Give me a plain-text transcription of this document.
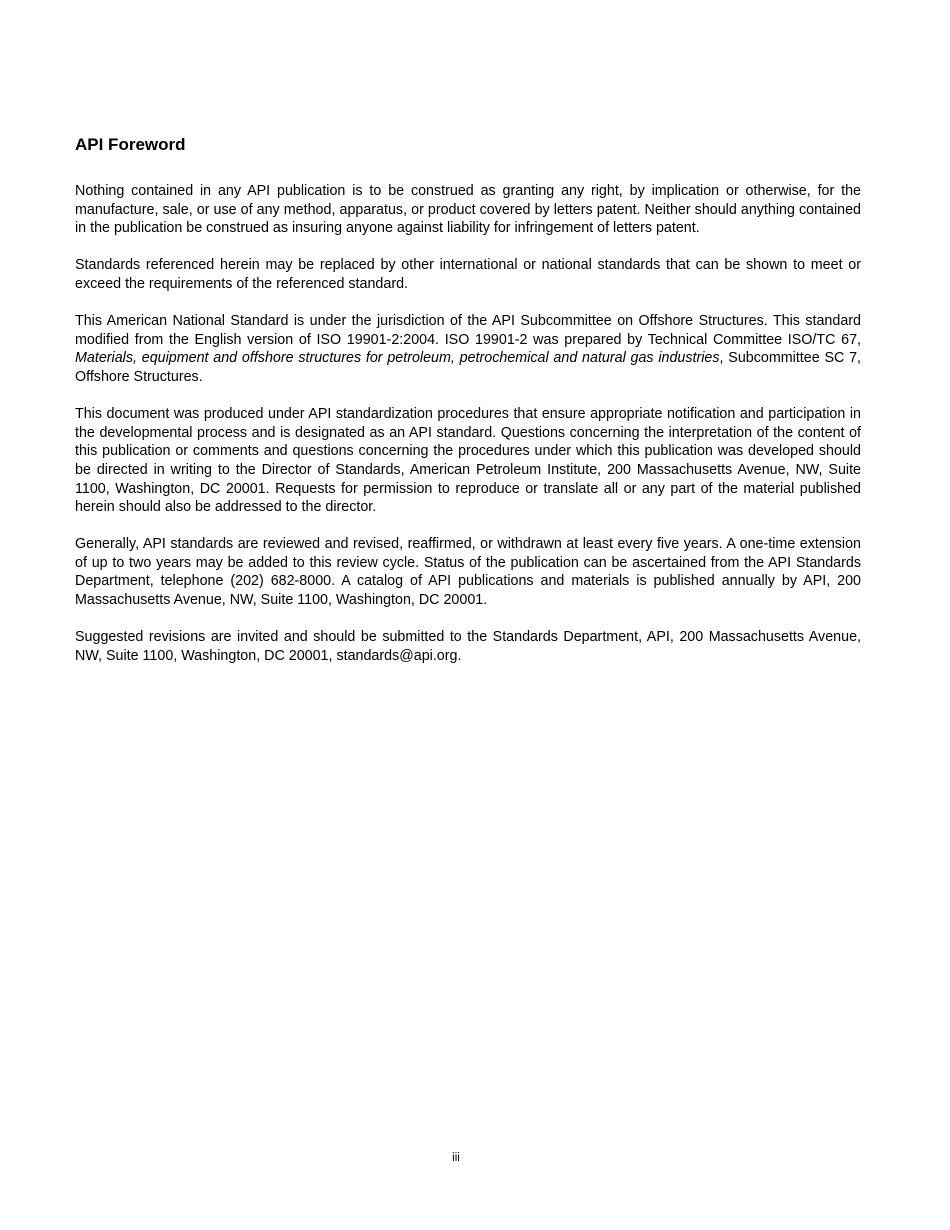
API Foreword

Nothing contained in any API publication is to be construed as granting any right, by implication or otherwise, for the manufacture, sale, or use of any method, apparatus, or product covered by letters patent. Neither should anything contained in the publication be construed as insuring anyone against liability for infringement of letters patent.

Standards referenced herein may be replaced by other international or national standards that can be shown to meet or exceed the requirements of the referenced standard.

This American National Standard is under the jurisdiction of the API Subcommittee on Offshore Structures. This standard modified from the English version of ISO 19901-2:2004. ISO 19901-2 was prepared by Technical Committee ISO/TC 67, Materials, equipment and offshore structures for petroleum, petrochemical and natural gas industries, Subcommittee SC 7, Offshore Structures.

This document was produced under API standardization procedures that ensure appropriate notification and participation in the developmental process and is designated as an API standard. Questions concerning the interpretation of the content of this publication or comments and questions concerning the procedures under which this publication was developed should be directed in writing to the Director of Standards, American Petroleum Institute, 200 Massachusetts Avenue, NW, Suite 1100, Washington, DC 20001. Requests for permission to reproduce or translate all or any part of the material published herein should also be addressed to the director.

Generally, API standards are reviewed and revised, reaffirmed, or withdrawn at least every five years. A one-time extension of up to two years may be added to this review cycle. Status of the publication can be ascertained from the API Standards Department, telephone (202) 682-8000. A catalog of API publications and materials is published annually by API, 200 Massachusetts Avenue, NW, Suite 1100, Washington, DC 20001.

Suggested revisions are invited and should be submitted to the Standards Department, API, 200 Massachusetts Avenue, NW, Suite 1100, Washington, DC 20001, standards@api.org.

iii
